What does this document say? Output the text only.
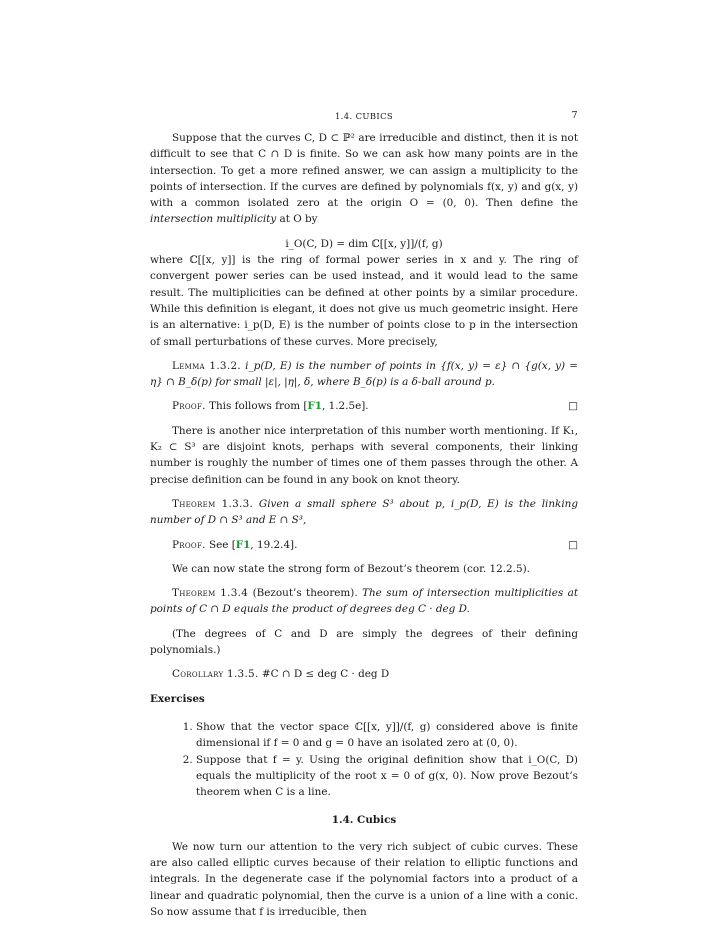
1.4. CUBICS	7

Suppose that the curves C, D ⊂ ℙ² are irreducible and distinct, then it is not difficult to see that C ∩ D is finite. So we can ask how many points are in the intersection. To get a more refined answer, we can assign a multiplicity to the points of intersection. If the curves are defined by polynomials f(x, y) and g(x, y) with a common isolated zero at the origin O = (0, 0). Then define the intersection multiplicity at O by

i_O(C, D) = dim ℂ[[x, y]]/(f, g)

where ℂ[[x, y]] is the ring of formal power series in x and y. The ring of convergent power series can be used instead, and it would lead to the same result. The multiplicities can be defined at other points by a similar procedure. While this definition is elegant, it does not give us much geometric insight. Here is an alternative: i_p(D, E) is the number of points close to p in the intersection of small perturbations of these curves. More precisely,

Lemma 1.3.2. i_p(D, E) is the number of points in {f(x, y) = ε} ∩ {g(x, y) = η} ∩ B_δ(p) for small |ε|, |η|, δ, where B_δ(p) is a δ-ball around p.

Proof. This follows from [F1, 1.2.5e].	□

There is another nice interpretation of this number worth mentioning. If K₁, K₂ ⊂ S³ are disjoint knots, perhaps with several components, their linking number is roughly the number of times one of them passes through the other. A precise definition can be found in any book on knot theory.

Theorem 1.3.3. Given a small sphere S³ about p, i_p(D, E) is the linking number of D ∩ S³ and E ∩ S³,

Proof. See [F1, 19.2.4].	□

We can now state the strong form of Bezout’s theorem (cor. 12.2.5).

Theorem 1.3.4 (Bezout’s theorem). The sum of intersection multiplicities at points of C ∩ D equals the product of degrees deg C · deg D.

(The degrees of C and D are simply the degrees of their defining polynomials.)

Corollary 1.3.5. #C ∩ D ≤ deg C · deg D

Exercises
1. Show that the vector space ℂ[[x, y]]/(f, g) considered above is finite dimensional if f = 0 and g = 0 have an isolated zero at (0, 0).
2. Suppose that f = y. Using the original definition show that i_O(C, D) equals the multiplicity of the root x = 0 of g(x, 0). Now prove Bezout’s theorem when C is a line.
1.4. Cubics

We now turn our attention to the very rich subject of cubic curves. These are also called elliptic curves because of their relation to elliptic functions and integrals. In the degenerate case if the polynomial factors into a product of a linear and quadratic polynomial, then the curve is a union of a line with a conic. So now assume that f is irreducible, then
